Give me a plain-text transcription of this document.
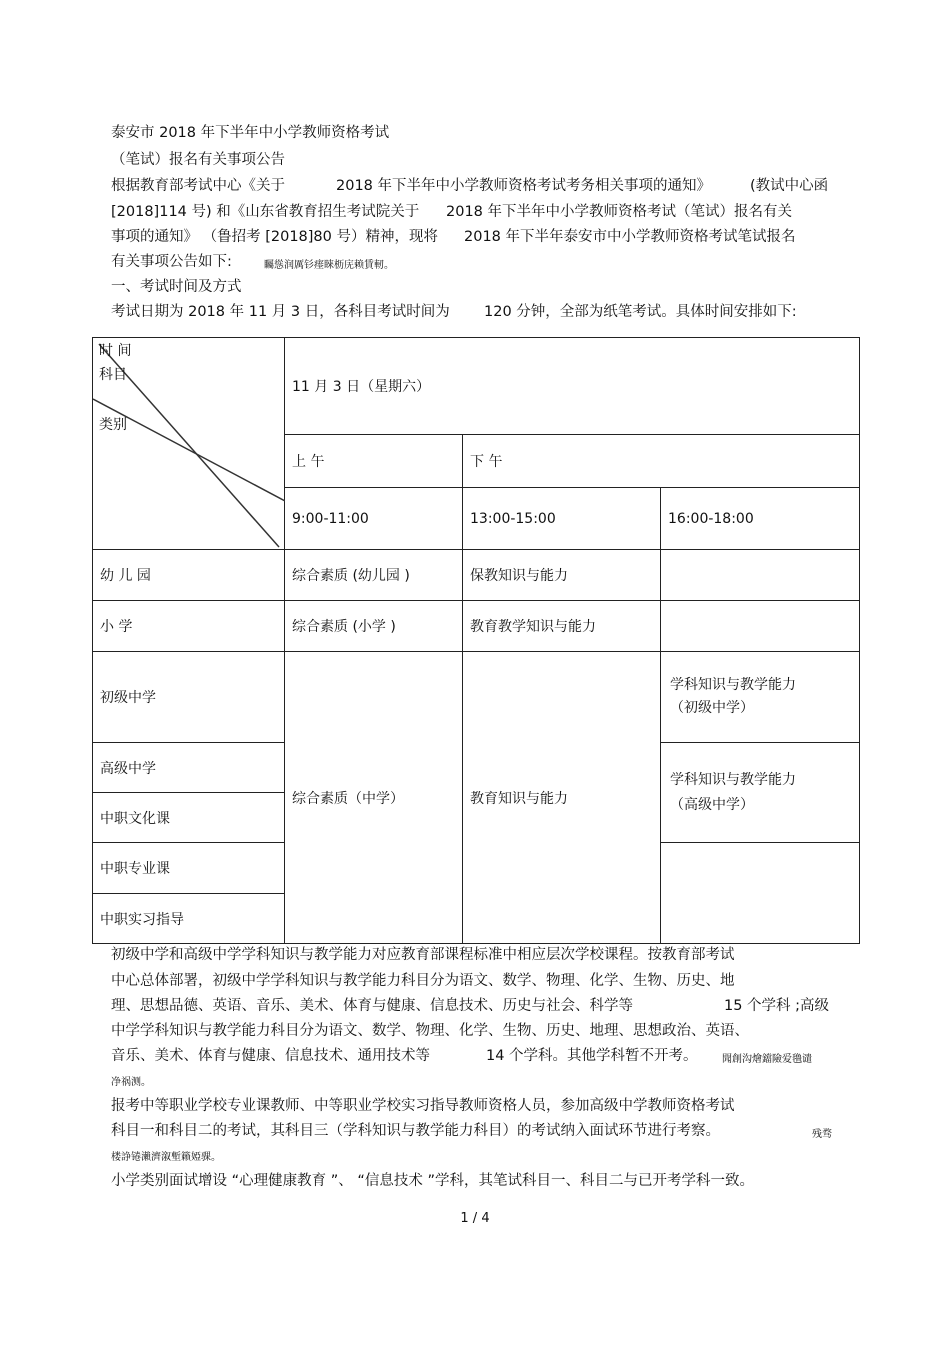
泰安市 2018 年下半年中小学教师资格考试
（笔试）报名有关事项公告
根据教育部考试中心《关于	2018 年下半年中小学教师资格考试考务相关事项的通知》	(教试中心函
[2018]114 号) 和《山东省教育招生考试院关于 2018 年下半年中小学教师资格考试（笔试）报名有关
事项的通知》 （鲁招考 [2018]80 号）精神，现将 2018 年下半年泰安市中小学教师资格考试笔试报名
有关事项公告如下:	矚慫润厲钐瘗睞枥庑赖賃軔。
一、考试时间及方式
考试日期为 2018 年 11 月 3 日，各科目考试时间为 120 分钟，全部为纸笔考试。具体时间安排如下:
时 间
科目
类别	11 月 3 日（星期六）		
	上 午	下 午	
	9:00-11:00	13:00-15:00	16:00-18:00
幼 儿 园	综合素质 (幼儿园 )	保教知识与能力	
小 学	综合素质 (小学 )	教育教学知识与能力	
初级中学	综合素质（中学）	教育知识与能力	学科知识与教学能力
（初级中学）

高级中学			学科知识与教学能力
（高级中学）

中职文化课			
中职专业课			
中职实习指导			
初级中学和高级中学学科知识与教学能力对应教育部课程标准中相应层次学校课程。按教育部考试
中心总体部署，初级中学学科知识与教学能力科目分为语文、数学、物理、化学、生物、历史、地
理、思想品德、英语、音乐、美术、体育与健康、信息技术、历史与社会、科学等	15 个学科 ;高级
中学学科知识与教学能力科目分为语文、数学、物理、化学、生物、历史、地理、思想政治、英语、
音乐、美术、体育与健康、信息技术、通用技术等	14 个学科。其他学科暂不开考。 聞創沟燴鐺險爱氇谴
净祸测。
报考中等职业学校专业课教师、中等职业学校实习指导教师资格人员，参加高级中学教师资格考试
科目一和科目二的考试，其科目三（学科知识与教学能力科目）的考试纳入面试环节进行考察。	残骛
楼諍锩瀨濟溆塹籟婭骒。
小学类别面试增设 “心理健康教育 ”、 “信息技术 ”学科，其笔试科目一、科目二与已开考学科一致。
1 / 4
